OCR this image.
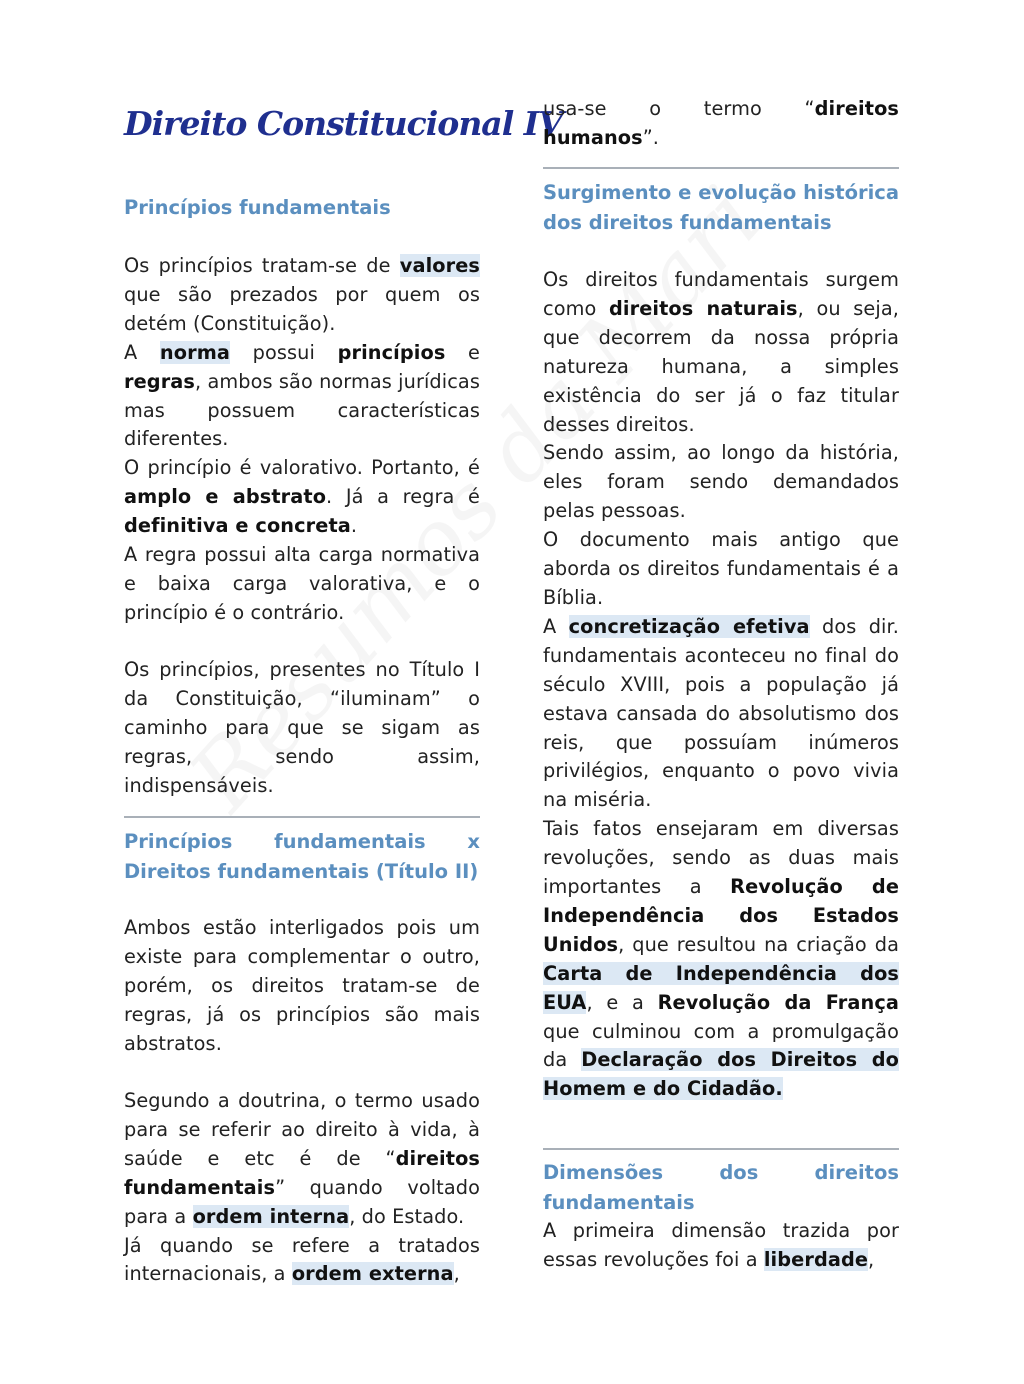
Direito Constitucional IV
Princípios fundamentais

Os princípios tratam-se de valores que são prezados por quem os detém (Constituição).

A norma possui princípios e regras, ambos são normas jurídicas mas possuem características diferentes.

O princípio é valorativo. Portanto, é amplo e abstrato. Já a regra é definitiva e concreta.

A regra possui alta carga normativa e baixa carga valorativa, e o princípio é o contrário.

Os princípios, presentes no Título I da Constituição, “iluminam” o caminho para que se sigam as regras, sendo assim, indispensáveis.

Princípios fundamentais x Direitos fundamentais (Título II)

Ambos estão interligados pois um existe para complementar o outro, porém, os direitos tratam-se de regras, já os princípios são mais abstratos.

Segundo a doutrina, o termo usado para se referir ao direito à vida, à saúde e etc é de “direitos fundamentais” quando voltado para a ordem interna, do Estado.

Já quando se refere a tratados internacionais, a ordem externa,

usa-se o termo “direitos humanos”.

Surgimento e evolução histórica dos direitos fundamentais

Os direitos fundamentais surgem como direitos naturais, ou seja, que decorrem da nossa própria natureza humana, a simples existência do ser já o faz titular desses direitos.

Sendo assim, ao longo da história, eles foram sendo demandados pelas pessoas.

O documento mais antigo que aborda os direitos fundamentais é a Bíblia.

A concretização efetiva dos dir. fundamentais aconteceu no final do século XVIII, pois a população já estava cansada do absolutismo dos reis, que possuíam inúmeros privilégios, enquanto o povo vivia na miséria.

Tais fatos ensejaram em diversas revoluções, sendo as duas mais importantes a Revolução de Independência dos Estados Unidos, que resultou na criação da Carta de Independência dos EUA, e a Revolução da França que culminou com a promulgação da Declaração dos Direitos do Homem e do Cidadão.

Dimensões dos direitos fundamentais

A primeira dimensão trazida por essas revoluções foi a liberdade,
